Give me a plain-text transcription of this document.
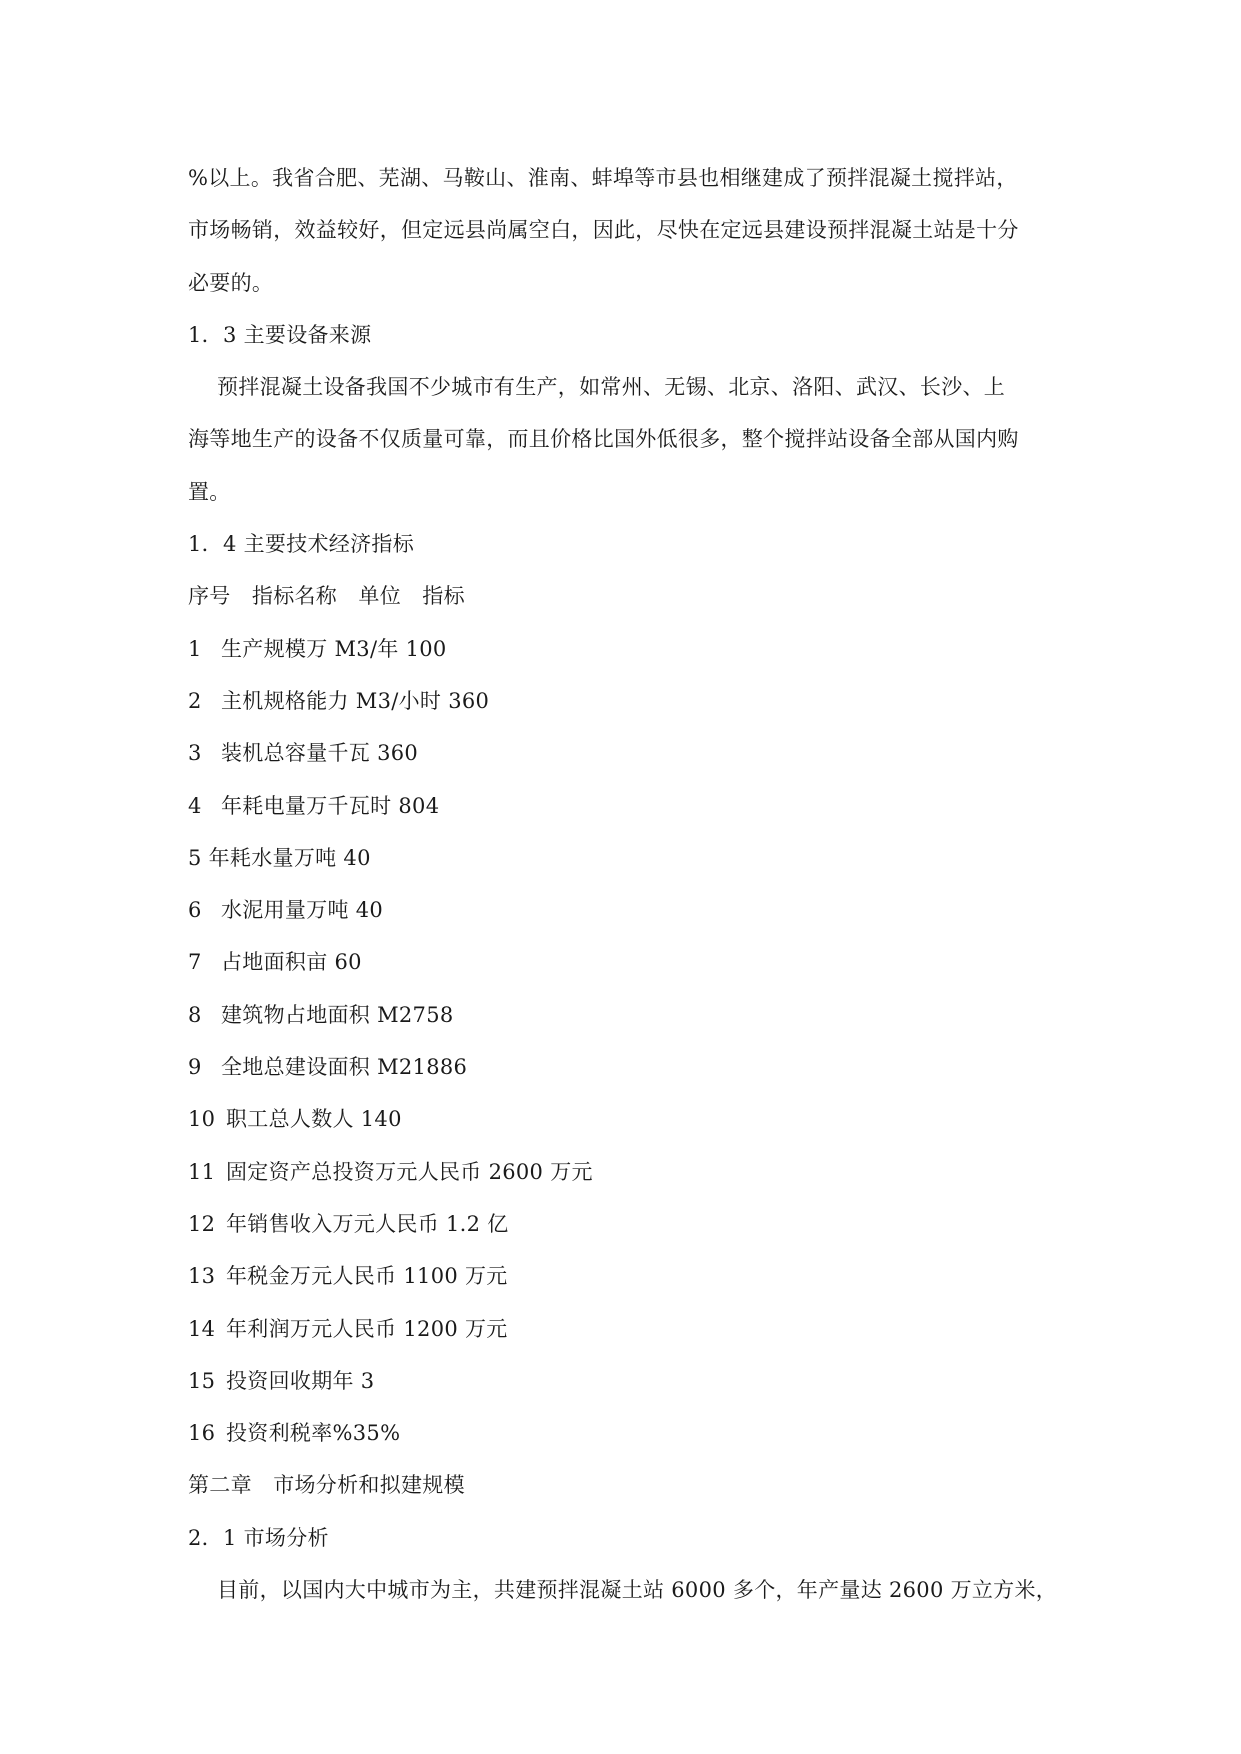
%以上。我省合肥、芜湖、马鞍山、淮南、蚌埠等市县也相继建成了预拌混凝土搅拌站，
市场畅销，效益较好，但定远县尚属空白，因此，尽快在定远县建设预拌混凝土站是十分
必要的。
1．3 主要设备来源
预拌混凝土设备我国不少城市有生产，如常州、无锡、北京、洛阳、武汉、长沙、上
海等地生产的设备不仅质量可靠，而且价格比国外低很多，整个搅拌站设备全部从国内购
置。
1．4 主要技术经济指标
序号　指标名称　单位　指标
1 生产规模万 M3/年 100
2 主机规格能力 M3/小时 360
3 装机总容量千瓦 360
4 年耗电量万千瓦时 804
5 年耗水量万吨 40
6 水泥用量万吨 40
7 占地面积亩 60
8 建筑物占地面积 M2758
9 全地总建设面积 M21886
10 职工总人数人 140
11 固定资产总投资万元人民币 2600 万元
12 年销售收入万元人民币 1.2 亿
13 年税金万元人民币 1100 万元
14 年利润万元人民币 1200 万元
15 投资回收期年 3
16 投资利税率%35%
第二章　市场分析和拟建规模
2．1 市场分析
目前，以国内大中城市为主，共建预拌混凝土站 6000 多个，年产量达 2600 万立方米，
